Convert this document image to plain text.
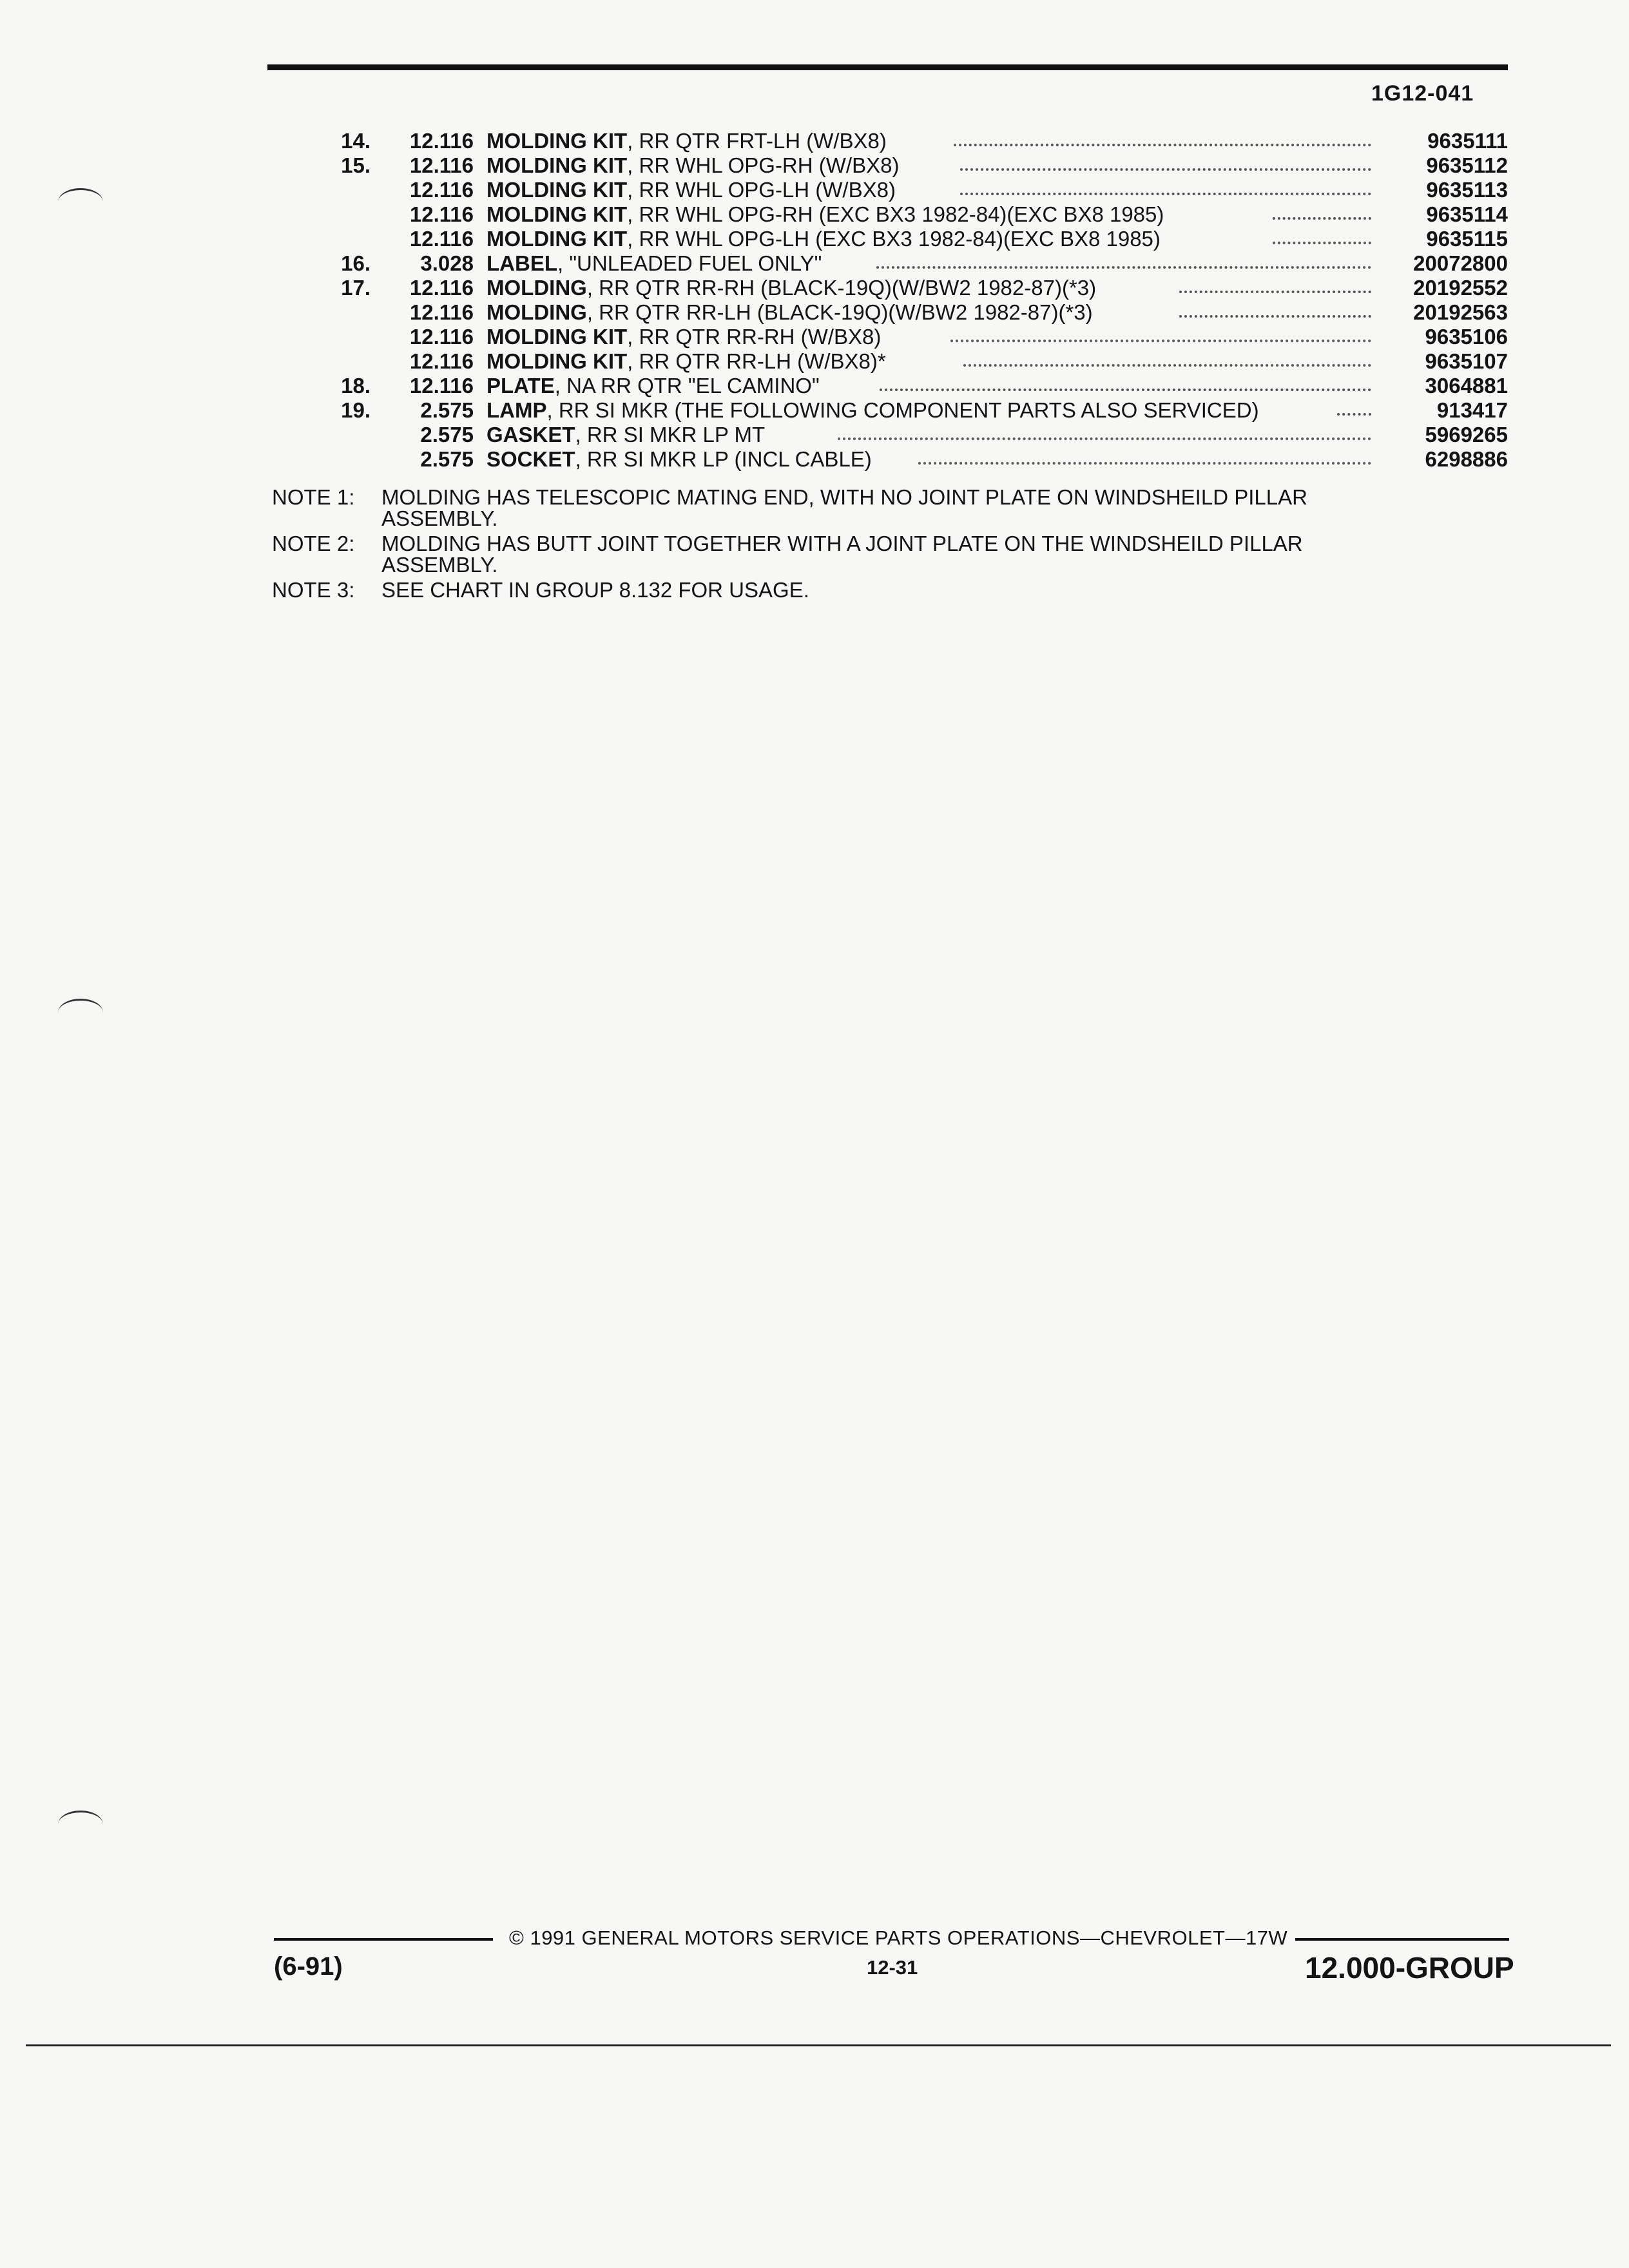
1G12-041
14.	12.116 MOLDING KIT, RR QTR FRT-LH (W/BX8)	9635111
15.	12.116 MOLDING KIT, RR WHL OPG-RH (W/BX8)	9635112
12.116 MOLDING KIT, RR WHL OPG-LH (W/BX8)	9635113
12.116 MOLDING KIT, RR WHL OPG-RH (EXC BX3 1982-84)(EXC BX8 1985)	9635114
12.116 MOLDING KIT, RR WHL OPG-LH (EXC BX3 1982-84)(EXC BX8 1985)	9635115
16.	3.028 LABEL, "UNLEADED FUEL ONLY"	20072800
17.	12.116 MOLDING, RR QTR RR-RH (BLACK-19Q)(W/BW2 1982-87)(*3)	20192552
12.116 MOLDING, RR QTR RR-LH (BLACK-19Q)(W/BW2 1982-87)(*3)	20192563
12.116 MOLDING KIT, RR QTR RR-RH (W/BX8)	9635106
12.116 MOLDING KIT, RR QTR RR-LH (W/BX8)*	9635107
18.	12.116 PLATE, NA RR QTR "EL CAMINO"	3064881
19.	2.575 LAMP, RR SI MKR (THE FOLLOWING COMPONENT PARTS ALSO SERVICED)	913417
2.575 GASKET, RR SI MKR LP MT	5969265
2.575 SOCKET, RR SI MKR LP (INCL CABLE)	6298886
NOTE 1: MOLDING HAS TELESCOPIC MATING END, WITH NO JOINT PLATE ON WINDSHEILD PILLAR ASSEMBLY.
NOTE 2: MOLDING HAS BUTT JOINT TOGETHER WITH A JOINT PLATE ON THE WINDSHEILD PILLAR ASSEMBLY.
NOTE 3: SEE CHART IN GROUP 8.132 FOR USAGE.
© 1991 GENERAL MOTORS SERVICE PARTS OPERATIONS—CHEVROLET—17W
(6-91)	12-31	12.000-GROUP
